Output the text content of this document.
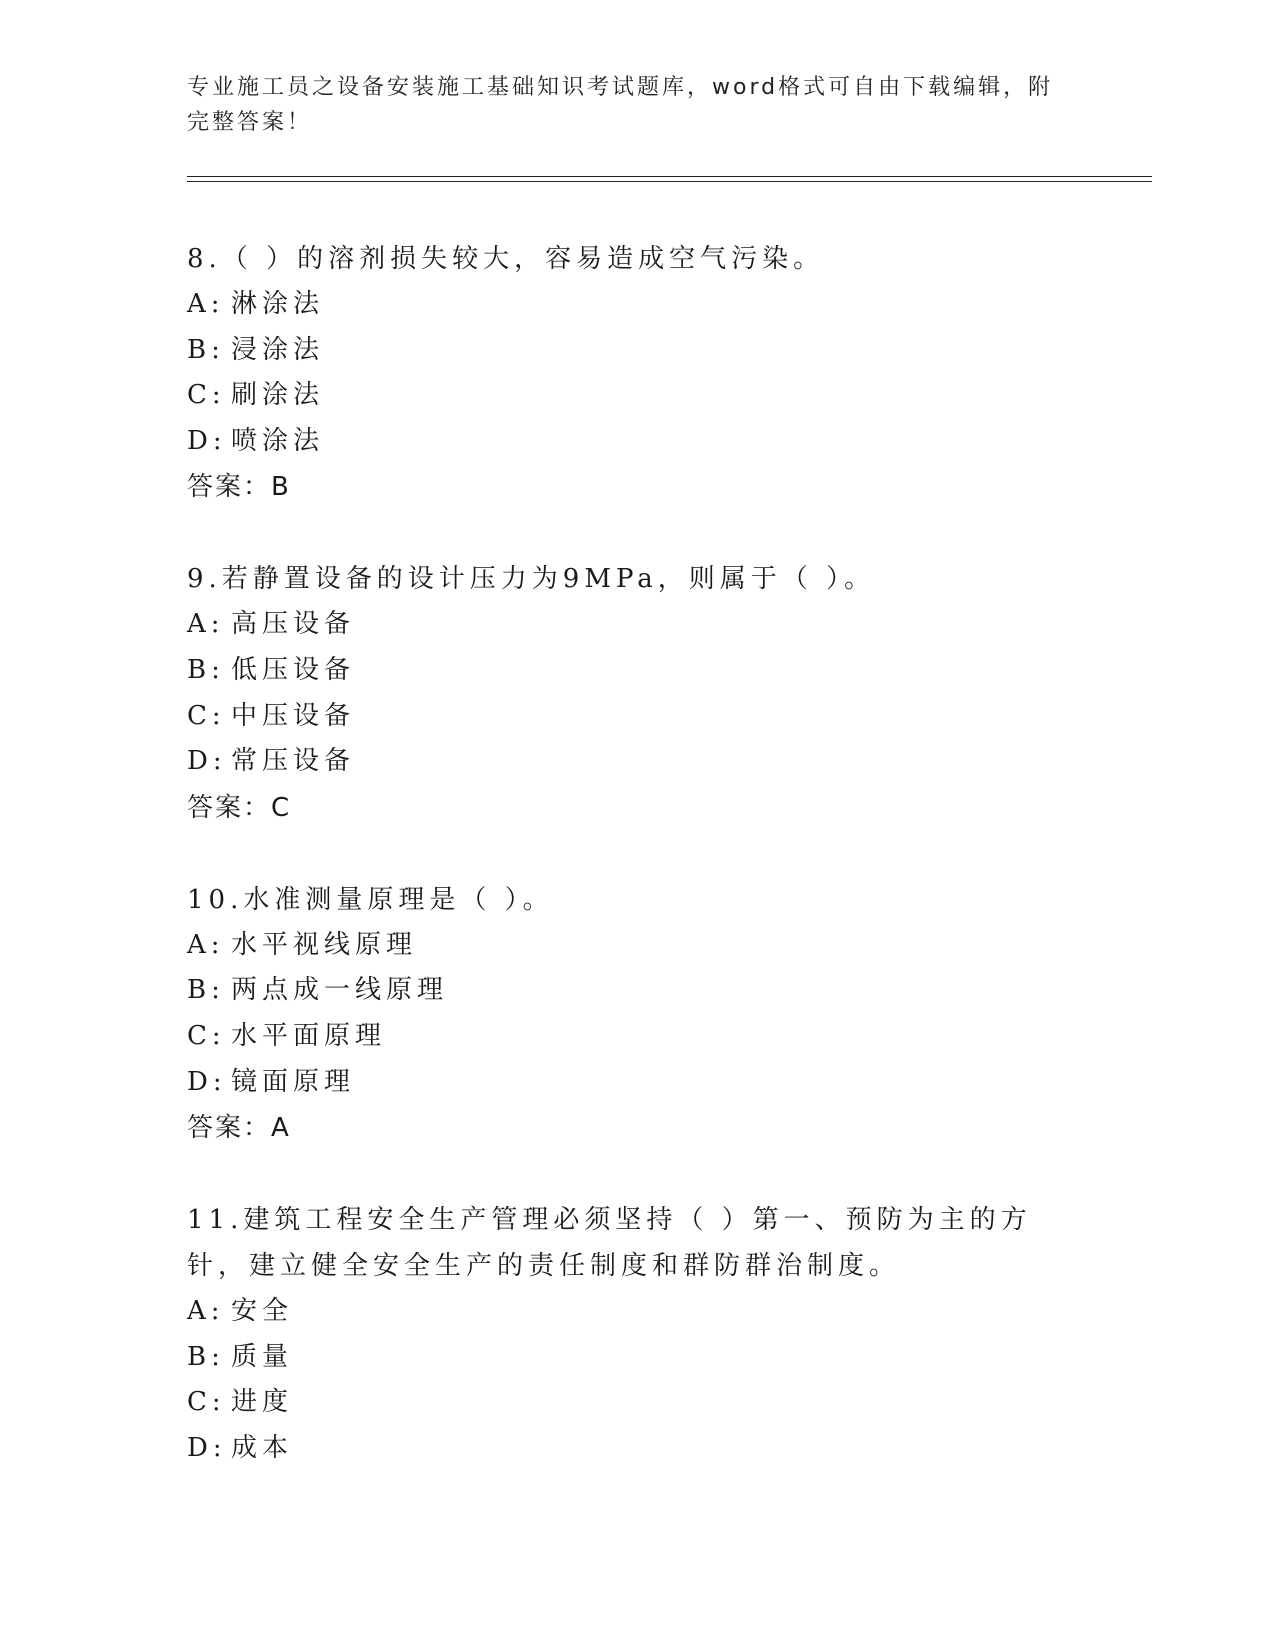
专业施工员之设备安装施工基础知识考试题库，word格式可自由下载编辑，附完整答案！
8.（ ）的溶剂损失较大，容易造成空气污染。
A: 淋涂法
B: 浸涂法
C: 刷涂法
D: 喷涂法
答案：B
9.若静置设备的设计压力为9MPa，则属于（ ）。
A: 高压设备
B: 低压设备
C: 中压设备
D: 常压设备
答案：C
10.水准测量原理是（ ）。
A: 水平视线原理
B: 两点成一线原理
C: 水平面原理
D: 镜面原理
答案：A
11.建筑工程安全生产管理必须坚持（ ）第一、预防为主的方针，建立健全安全生产的责任制度和群防群治制度。
A: 安全
B: 质量
C: 进度
D: 成本
